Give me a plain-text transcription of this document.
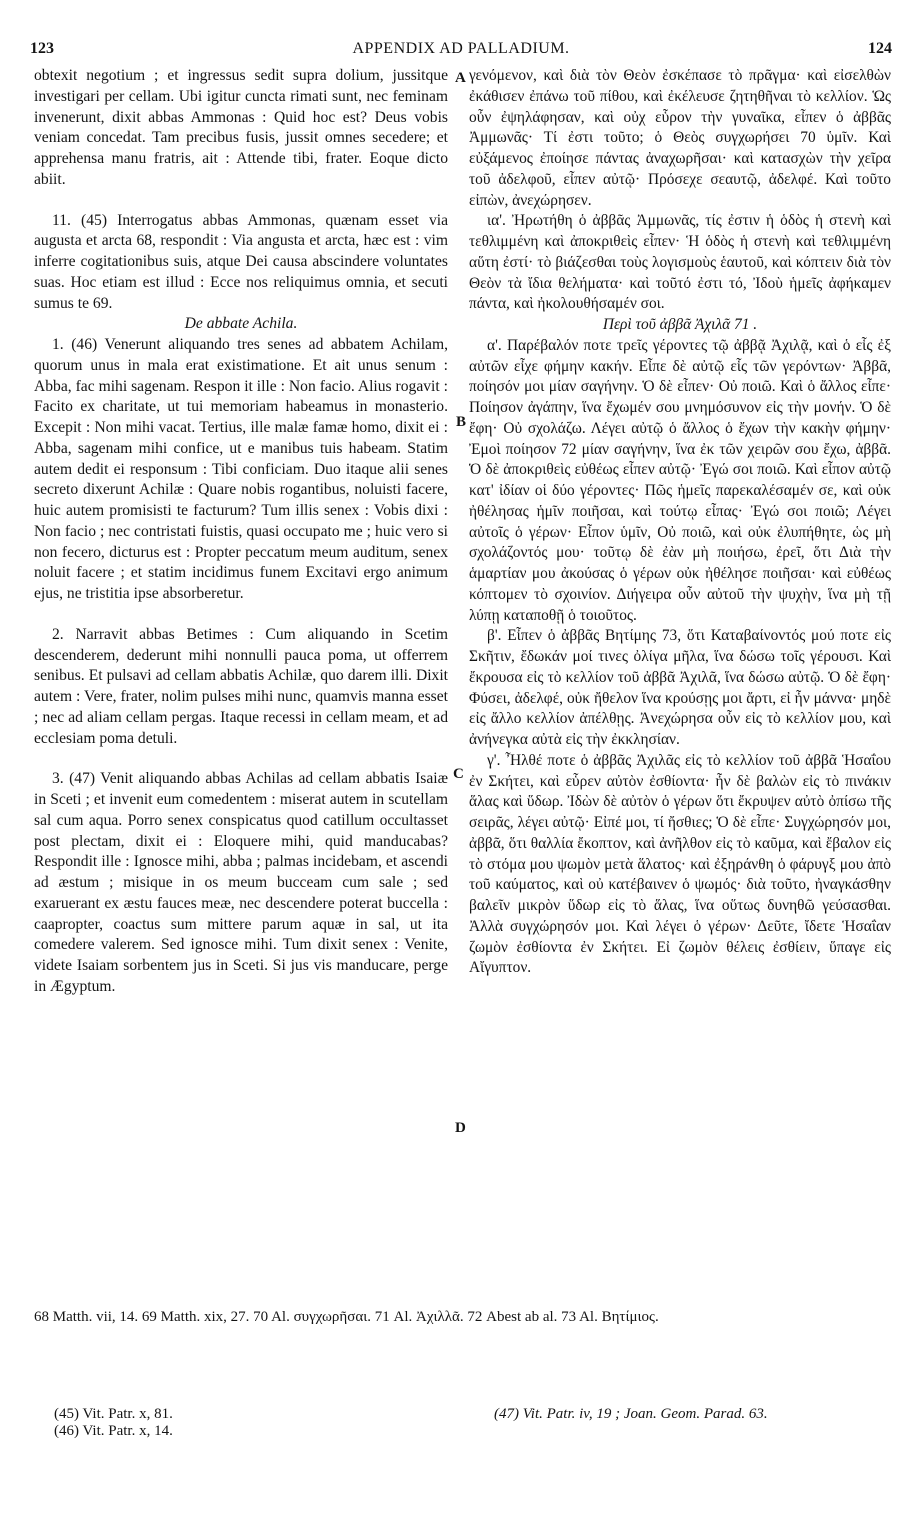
123	APPENDIX AD PALLADIUM.	124

obtexit negotium ; et ingressus sedit supra dolium, jussitque investigari per cellam. Ubi igitur cuncta rimati sunt, nec feminam invenerunt, dixit abbas Ammonas : Quid hoc est? Deus vobis veniam concedat. Tam precibus fusis, jussit omnes secedere; et apprehensa manu fratris, ait : Attende tibi, frater. Eoque dicto abiit.

11. (45) Interrogatus abbas Ammonas, quænam esset via augusta et arcta 68, respondit : Via angusta et arcta, hæc est : vim inferre cogitationibus suis, atque Dei causa abscindere voluntates suas. Hoc etiam est illud : Ecce nos reliquimus omnia, et secuti sumus te 69.

De abbate Achila.

1. (46) Venerunt aliquando tres senes ad abbatem Achilam, quorum unus in mala erat existimatione. Et ait unus senum : Abba, fac mihi sagenam. Respon it ille : Non facio. Alius rogavit : Facito ex charitate, ut tui memoriam habeamus in monasterio. Excepit : Non mihi vacat. Tertius, ille malæ famæ homo, dixit ei : Abba, sagenam mihi confice, ut e manibus tuis habeam. Statim autem dedit ei responsum : Tibi conficiam. Duo itaque alii senes secreto dixerunt Achilæ : Quare nobis rogantibus, noluisti facere, huic autem promisisti te facturum? Tum illis senex : Vobis dixi : Non facio ; nec contristati fuistis, quasi occupato me ; huic vero si non fecero, dicturus est : Propter peccatum meum auditum, senex noluit facere ; et statim incidimus funem Excitavi ergo animum ejus, ne tristitia ipse absorberetur.

2. Narravit abbas Betimes : Cum aliquando in Scetim descenderem, dederunt mihi nonnulli pauca poma, ut offerrem senibus. Et pulsavi ad cellam abbatis Achilæ, quo darem illi. Dixit autem : Vere, frater, nolim pulses mihi nunc, quamvis manna esset ; nec ad aliam cellam pergas. Itaque recessi in cellam meam, et ad ecclesiam poma detuli.

3. (47) Venit aliquando abbas Achilas ad cellam abbatis Isaiæ in Sceti ; et invenit eum comedentem : miserat autem in scutellam sal cum aqua. Porro senex conspicatus quod catillum occultasset post plectam, dixit ei : Eloquere mihi, quid manducabas? Respondit ille : Ignosce mihi, abba ; palmas incidebam, et ascendi ad æstum ; misique in os meum bucceam cum sale ; sed exaruerant ex æstu fauces meæ, nec descendere poterat buccella : caapropter, coactus sum mittere parum aquæ in sal, ut ita comedere valerem. Sed ignosce mihi. Tum dixit senex : Venite, videte Isaiam sorbentem jus in Sceti. Si jus vis manducare, perge in Ægyptum.

A
B
C
D

γενόμενον, καὶ διὰ τὸν Θεὸν ἐσκέπασε τὸ πρᾶγμα· καὶ εἰσελθὼν ἐκάθισεν ἐπάνω τοῦ πίθου, καὶ ἐκέλευσε ζητηθῆναι τὸ κελλίον. Ὡς οὖν ἐψηλάφησαν, καὶ οὐχ εὗρον τὴν γυναῖκα, εἶπεν ὁ ἀββᾶς Ἀμμωνᾶς· Τί ἐστι τοῦτο; ὁ Θεὸς συγχωρήσει 70 ὑμῖν. Καὶ εὐξάμενος ἐποίησε πάντας ἀναχωρῆσαι· καὶ κατασχὼν τὴν χεῖρα τοῦ ἀδελφοῦ, εἶπεν αὐτῷ· Πρόσεχε σεαυτῷ, ἀδελφέ. Καὶ τοῦτο εἰπὼν, ἀνεχώρησεν.

ια'. Ἠρωτήθη ὁ ἀββᾶς Ἀμμωνᾶς, τίς ἐστιν ἡ ὁδὸς ἡ στενὴ καὶ τεθλιμμένη καὶ ἀποκριθεὶς εἶπεν· Ἡ ὁδὸς ἡ στενὴ καὶ τεθλιμμένη αὕτη ἐστί· τὸ βιάζεσθαι τοὺς λογισμοὺς ἑαυτοῦ, καὶ κόπτειν διὰ τὸν Θεὸν τὰ ἴδια θελήματα· καὶ τοῦτό ἐστι τό, Ἰδοὺ ἡμεῖς ἀφήκαμεν πάντα, καὶ ἠκολουθήσαμέν σοι.

Περὶ τοῦ ἀββᾶ Ἀχιλᾶ 71 .

α'. Παρέβαλόν ποτε τρεῖς γέροντες τῷ ἀββᾷ Ἀχιλᾷ, καὶ ὁ εἷς ἐξ αὐτῶν εἶχε φήμην κακήν. Εἶπε δὲ αὐτῷ εἷς τῶν γερόντων· Ἀββᾶ, ποίησόν μοι μίαν σαγήνην. Ὁ δὲ εἶπεν· Οὐ ποιῶ. Καὶ ὁ ἄλλος εἶπε· Ποίησον ἀγάπην, ἵνα ἔχωμέν σου μνημόσυνον εἰς τὴν μονήν. Ὁ δὲ ἔφη· Οὐ σχολάζω. Λέγει αὐτῷ ὁ ἄλλος ὁ ἔχων τὴν κακὴν φήμην· Ἐμοὶ ποίησον 72 μίαν σαγήνην, ἵνα ἐκ τῶν χειρῶν σου ἔχω, ἀββᾶ. Ὁ δὲ ἀποκριθεὶς εὐθέως εἶπεν αὐτῷ· Ἐγώ σοι ποιῶ. Καὶ εἶπον αὐτῷ κατ' ἰδίαν οἱ δύο γέροντες· Πῶς ἡμεῖς παρεκαλέσαμέν σε, καὶ οὐκ ἠθέλησας ἡμῖν ποιῆσαι, καὶ τούτῳ εἶπας· Ἐγώ σοι ποιῶ; Λέγει αὐτοῖς ὁ γέρων· Εἶπον ὑμῖν, Οὐ ποιῶ, καὶ οὐκ ἐλυπήθητε, ὡς μὴ σχολάζοντός μου· τοῦτῳ δὲ ἐὰν μὴ ποιήσω, ἐρεῖ, ὅτι Διὰ τὴν ἁμαρτίαν μου ἀκούσας ὁ γέρων οὐκ ἠθέλησε ποιῆσαι· καὶ εὐθέως κόπτομεν τὸ σχοινίον. Διήγειρα οὖν αὐτοῦ τὴν ψυχὴν, ἵνα μὴ τῇ λύπῃ καταποθῇ ὁ τοιοῦτος.

β'. Εἶπεν ὁ ἀββᾶς Βητίμης 73, ὅτι Καταβαίνοντός μού ποτε εἰς Σκῆτιν, ἔδωκάν μοί τινες ὀλίγα μῆλα, ἵνα δώσω τοῖς γέρουσι. Καὶ ἔκρουσα εἰς τὸ κελλίον τοῦ ἀββᾶ Ἀχιλᾶ, ἵνα δώσω αὐτῷ. Ὁ δὲ ἔφη· Φύσει, ἀδελφέ, οὐκ ἤθελον ἵνα κρούσῃς μοι ἄρτι, εἰ ἦν μάννα· μηδὲ εἰς ἄλλο κελλίον ἀπέλθῃς. Ἀνεχώρησα οὖν εἰς τὸ κελλίον μου, καὶ ἀνήνεγκα αὐτὰ εἰς τὴν ἐκκλησίαν.

γ'. Ἦλθέ ποτε ὁ ἀββᾶς Ἀχιλᾶς εἰς τὸ κελλίον τοῦ ἀββᾶ Ἡσαΐου ἐν Σκήτει, καὶ εὗρεν αὐτὸν ἐσθίοντα· ἦν δὲ βαλὼν εἰς τὸ πινάκιν ἅλας καὶ ὕδωρ. Ἰδὼν δὲ αὐτὸν ὁ γέρων ὅτι ἔκρυψεν αὐτὸ ὀπίσω τῆς σειρᾶς, λέγει αὐτῷ· Εἰπέ μοι, τί ἤσθιες; Ὁ δὲ εἶπε· Συγχώρησόν μοι, ἀββᾶ, ὅτι θαλλία ἔκοπτον, καὶ ἀνῆλθον εἰς τὸ καῦμα, καὶ ἔβαλον εἰς τὸ στόμα μου ψωμὸν μετὰ ἅλατος· καὶ ἐξηράνθη ὁ φάρυγξ μου ἀπὸ τοῦ καύματος, καὶ οὐ κατέβαινεν ὁ ψωμός· διὰ τοῦτο, ἠναγκάσθην βαλεῖν μικρὸν ὕδωρ εἰς τὸ ἅλας, ἵνα οὕτως δυνηθῶ γεύσασθαι. Ἀλλὰ συγχώρησόν μοι. Καὶ λέγει ὁ γέρων· Δεῦτε, ἴδετε Ἡσαΐαν ζωμὸν ἐσθίοντα ἐν Σκήτει. Εἰ ζωμὸν θέλεις ἐσθίειν, ὕπαγε εἰς Αἴγυπτον.

68 Matth. vii, 14. 69 Matth. xix, 27. 70 Al. συγχωρῆσαι. 71 Al. Ἀχιλλᾶ. 72 Abest ab al. 73 Al. Βητίμιος.
(45) Vit. Patr. x, 81.
(46) Vit. Patr. x, 14.
(47) Vit. Patr. iv, 19 ; Joan. Geom. Parad. 63.
